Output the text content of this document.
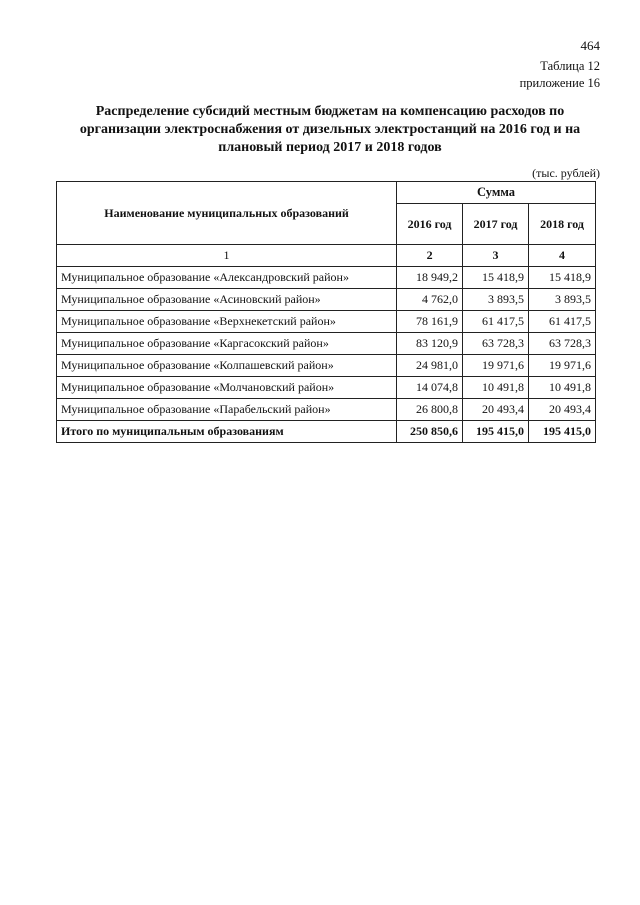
464
Таблица 12
приложение 16
Распределение субсидий местным бюджетам на компенсацию расходов по организации электроснабжения от дизельных электростанций на 2016 год и на плановый период 2017 и 2018 годов
(тыс. рублей)
Наименование муниципальных образований	Сумма		
	2016 год	2017 год	2018 год
1	2	3	4
Муниципальное образование «Александровский район»	18 949,2	15 418,9	15 418,9
Муниципальное образование «Асиновский район»	4 762,0	3 893,5	3 893,5
Муниципальное образование «Верхнекетский район»	78 161,9	61 417,5	61 417,5
Муниципальное образование «Каргасокский район»	83 120,9	63 728,3	63 728,3
Муниципальное образование «Колпашевский район»	24 981,0	19 971,6	19 971,6
Муниципальное образование «Молчановский район»	14 074,8	10 491,8	10 491,8
Муниципальное образование «Парабельский район»	26 800,8	20 493,4	20 493,4
Итого по муниципальным образованиям	250 850,6	195 415,0	195 415,0
